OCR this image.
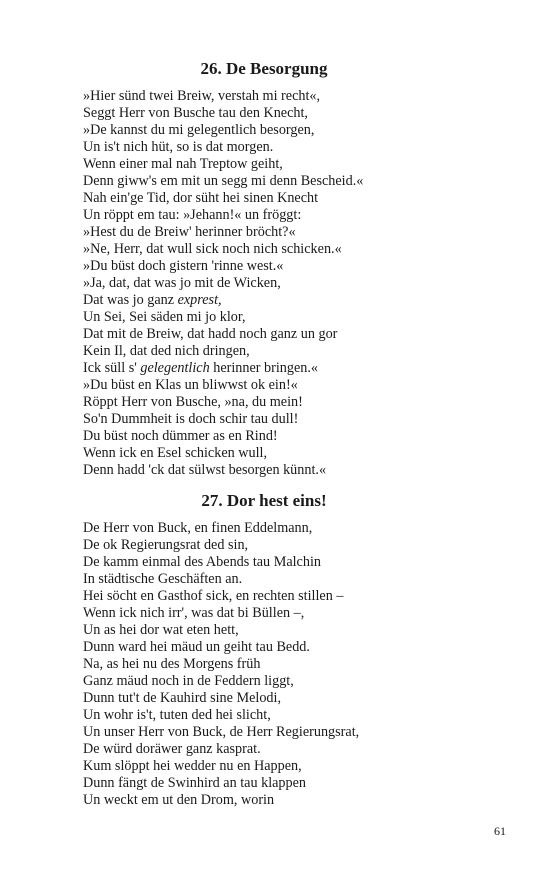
26. De Besorgung
»Hier sünd twei Breiw, verstah mi recht«,
Seggt Herr von Busche tau den Knecht,
»De kannst du mi gelegentlich besorgen,
Un is't nich hüt, so is dat morgen.
Wenn einer mal nah Treptow geiht,
Denn giww's em mit un segg mi denn Bescheid.«
Nah ein'ge Tid, dor süht hei sinen Knecht
Un röppt em tau: »Jehann!« un fröggt:
»Hest du de Breiw' herinner bröcht?«
»Ne, Herr, dat wull sick noch nich schicken.«
»Du büst doch gistern 'rinne west.«
»Ja, dat, dat was jo mit de Wicken,
Dat was jo ganz exprest,
Un Sei, Sei säden mi jo klor,
Dat mit de Breiw, dat hadd noch ganz un gor
Kein Il, dat ded nich dringen,
Ick süll s' gelegentlich herinner bringen.«
»Du büst en Klas un bliwwst ok ein!«
Röppt Herr von Busche, »na, du mein!
So'n Dummheit is doch schir tau dull!
Du büst noch dümmer as en Rind!
Wenn ick en Esel schicken wull,
Denn hadd 'ck dat sülwst besorgen künnt.«
27. Dor hest eins!
De Herr von Buck, en finen Eddelmann,
De ok Regierungsrat ded sin,
De kamm einmal des Abends tau Malchin
In städtische Geschäften an.
Hei söcht en Gasthof sick, en rechten stillen –
Wenn ick nich irr', was dat bi Büllen –,
Un as hei dor wat eten hett,
Dunn ward hei mäud un geiht tau Bedd.
Na, as hei nu des Morgens früh
Ganz mäud noch in de Feddern liggt,
Dunn tut't de Kauhird sine Melodi,
Un wohr is't, tuten ded hei slicht,
Un unser Herr von Buck, de Herr Regierungsrat,
De würd doräwer ganz kasprat.
Kum slöppt hei wedder nu en Happen,
Dunn fängt de Swinhird an tau klappen
Un weckt em ut den Drom, worin
61
